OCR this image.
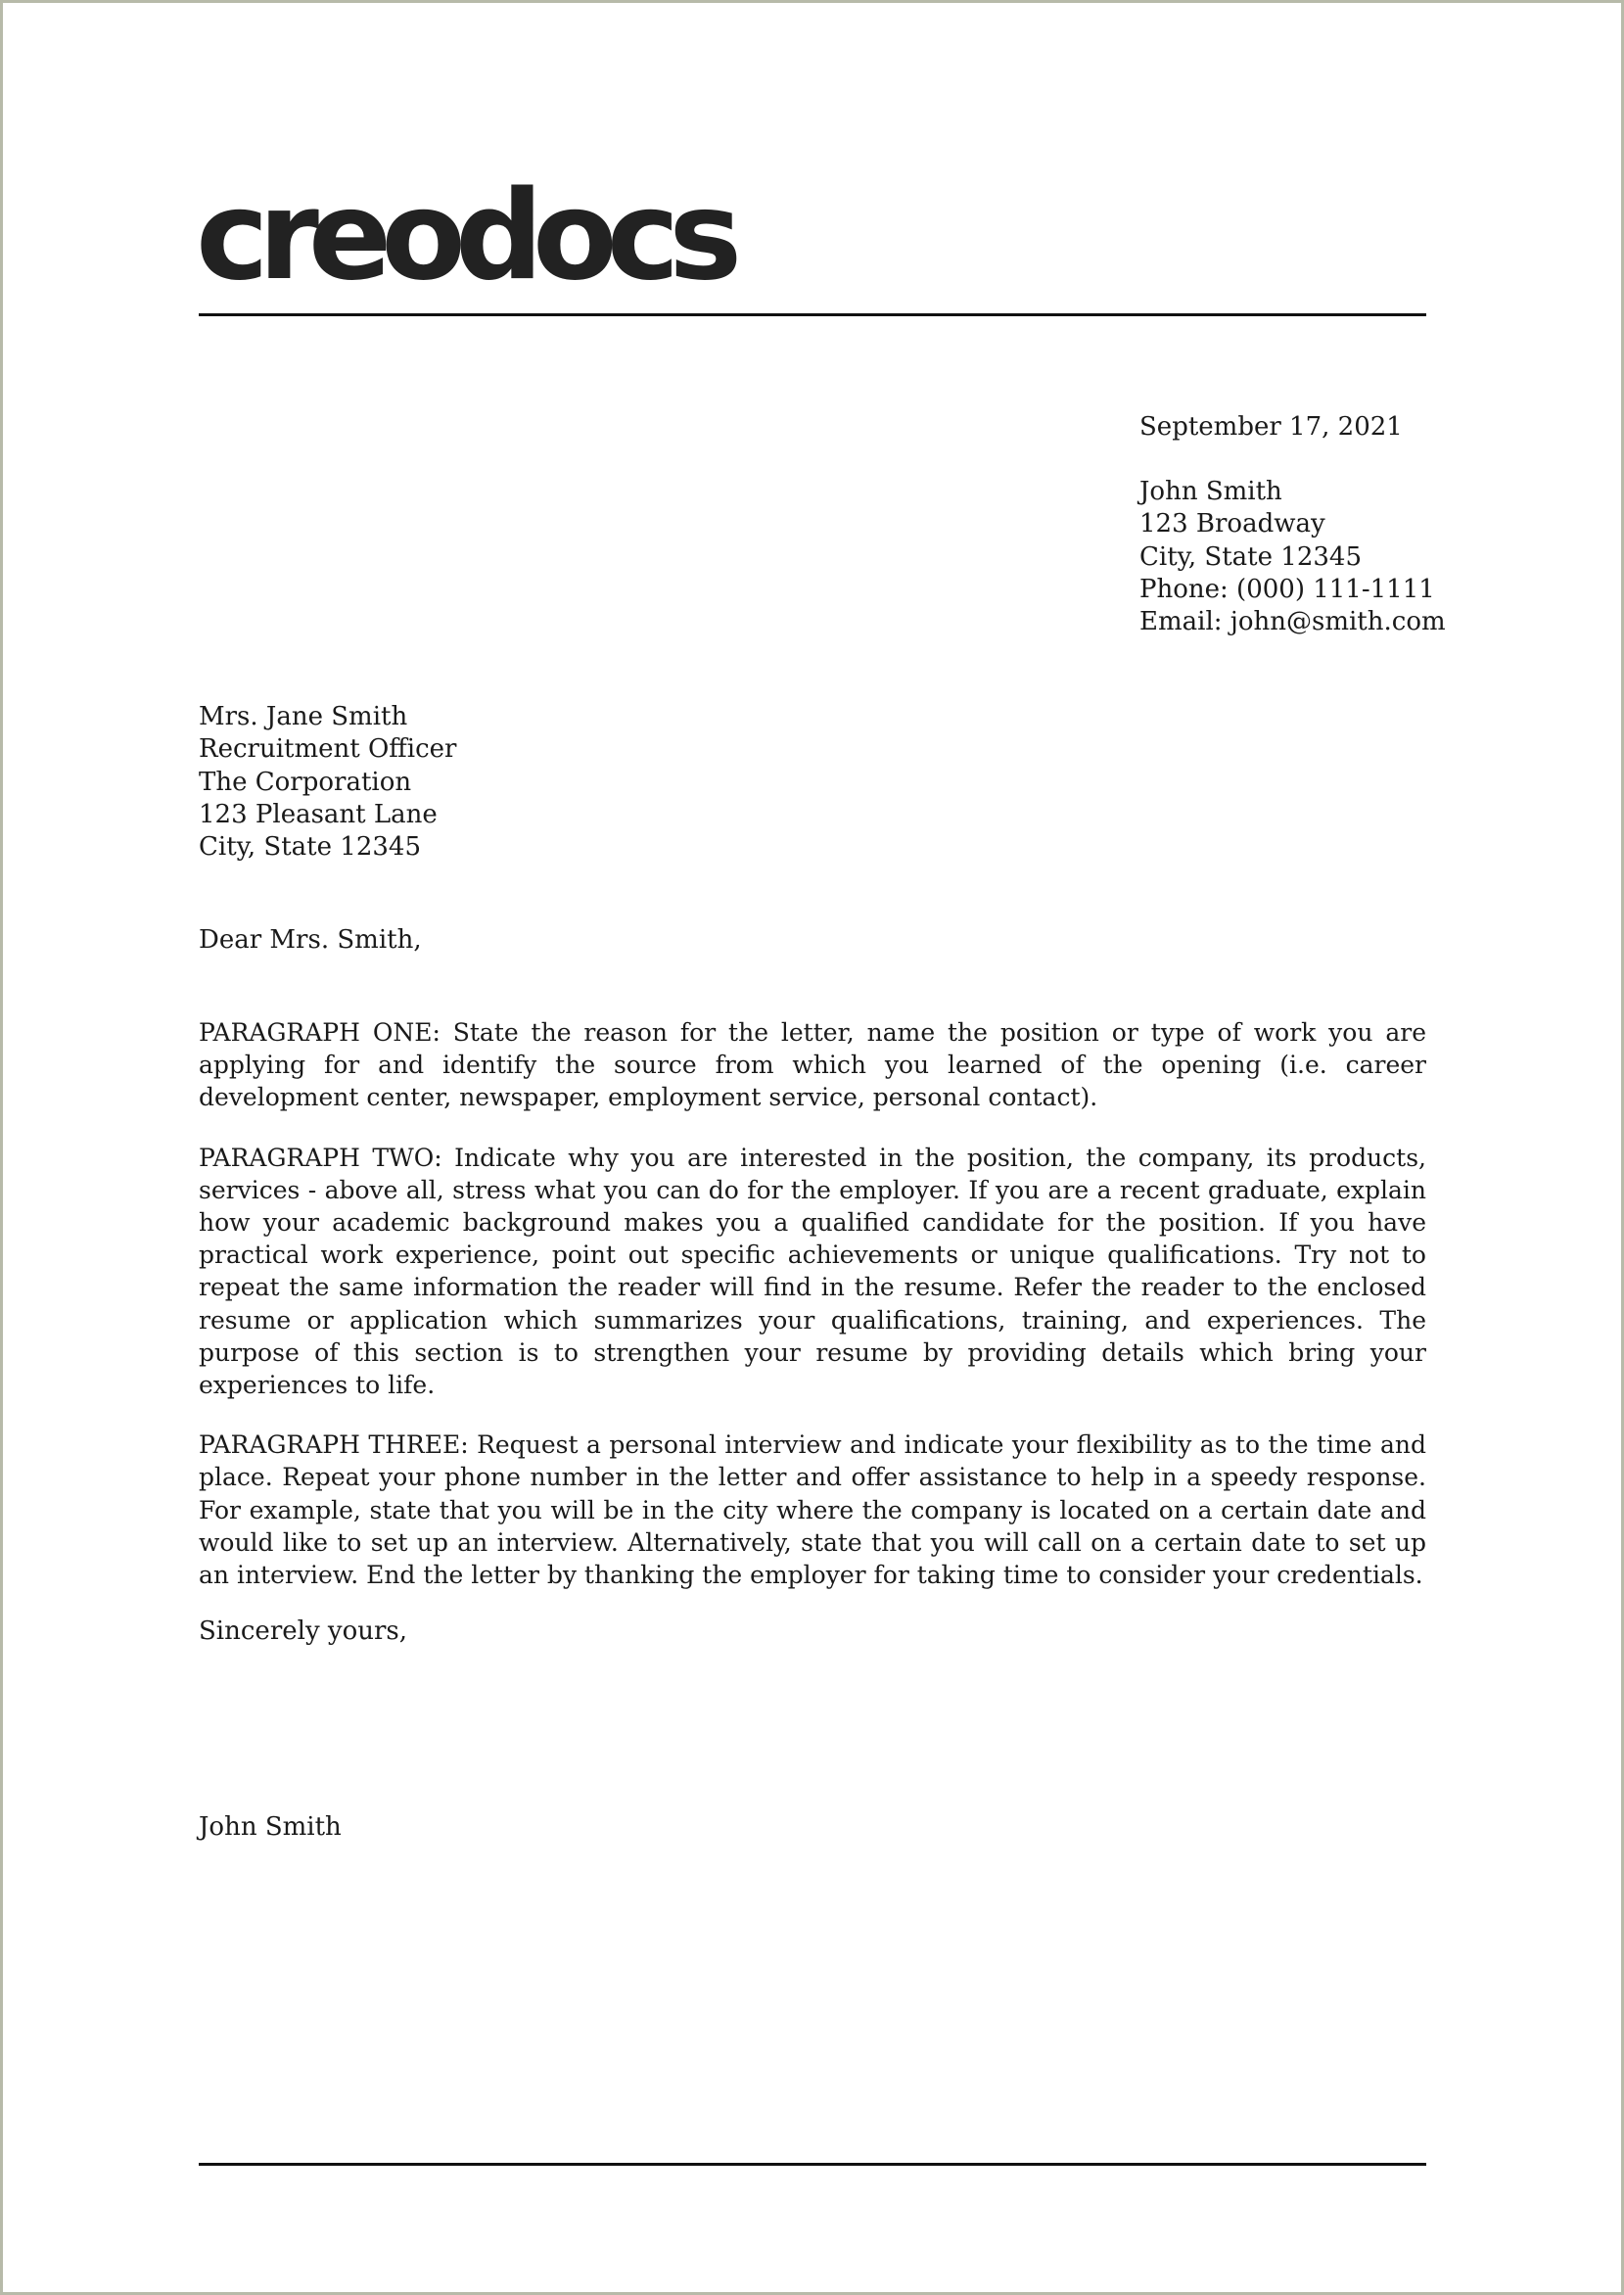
creodocs
September 17, 2021
John Smith
123 Broadway
City, State 12345
Phone: (000) 111-1111
Email: john@smith.com
Mrs. Jane Smith
Recruitment Officer
The Corporation
123 Pleasant Lane
City, State 12345
Dear Mrs. Smith,

PARAGRAPH ONE: State the reason for the letter, name the position or type of work you are applying for and identify the source from which you learned of the opening (i.e. career development center, newspaper, employment service, personal contact).

PARAGRAPH TWO: Indicate why you are interested in the position, the company, its products, services - above all, stress what you can do for the employer. If you are a recent graduate, explain how your academic background makes you a qualified candidate for the position. If you have practical work experience, point out specific achievements or unique qualifications. Try not to repeat the same information the reader will find in the resume. Refer the reader to the enclosed resume or application which summarizes your qualifications, training, and experiences. The purpose of this section is to strengthen your resume by providing details which bring your experiences to life.

PARAGRAPH THREE: Request a personal interview and indicate your flexibility as to the time and place. Repeat your phone number in the letter and offer assistance to help in a speedy response. For example, state that you will be in the city where the company is located on a certain date and would like to set up an interview. Alternatively, state that you will call on a certain date to set up an interview. End the letter by thanking the employer for taking time to consider your credentials.

Sincerely yours,
John Smith
